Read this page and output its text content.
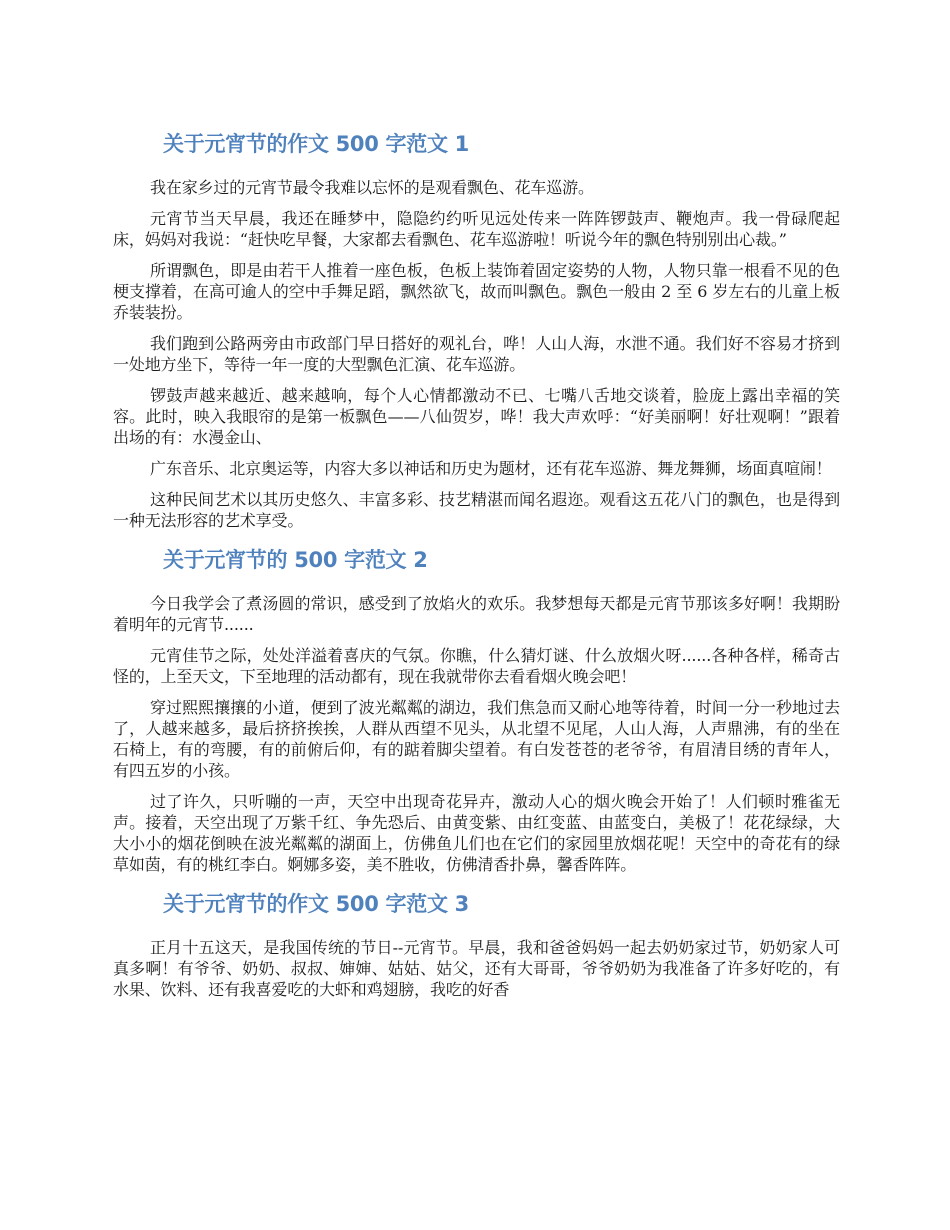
关于元宵节的作文 500 字范文 1

我在家乡过的元宵节最令我难以忘怀的是观看飘色、花车巡游。

元宵节当天早晨，我还在睡梦中，隐隐约约听见远处传来一阵阵锣鼓声、鞭炮声。我一骨碌爬起床，妈妈对我说：“赶快吃早餐，大家都去看飘色、花车巡游啦！听说今年的飘色特别别出心裁。”

所谓飘色，即是由若干人推着一座色板，色板上装饰着固定姿势的人物，人物只靠一根看不见的色梗支撑着，在高可逾人的空中手舞足蹈，飘然欲飞，故而叫飘色。飘色一般由 2 至 6 岁左右的儿童上板乔装装扮。

我们跑到公路两旁由市政部门早日搭好的观礼台，哗！人山人海，水泄不通。我们好不容易才挤到一处地方坐下，等待一年一度的大型飘色汇演、花车巡游。

锣鼓声越来越近、越来越响，每个人心情都激动不已、七嘴八舌地交谈着，脸庞上露出幸福的笑容。此时，映入我眼帘的是第一板飘色——八仙贺岁，哗！我大声欢呼：“好美丽啊！好壮观啊！”跟着出场的有：水漫金山、

广东音乐、北京奥运等，内容大多以神话和历史为题材，还有花车巡游、舞龙舞狮，场面真喧闹！

这种民间艺术以其历史悠久、丰富多彩、技艺精湛而闻名遐迩。观看这五花八门的飘色，也是得到一种无法形容的艺术享受。

关于元宵节的 500 字范文 2

今日我学会了煮汤圆的常识，感受到了放焰火的欢乐。我梦想每天都是元宵节那该多好啊！我期盼着明年的元宵节......

元宵佳节之际，处处洋溢着喜庆的气氛。你瞧，什么猜灯谜、什么放烟火呀......各种各样，稀奇古怪的，上至天文，下至地理的活动都有，现在我就带你去看看烟火晚会吧！

穿过熙熙攘攘的小道，便到了波光粼粼的湖边，我们焦急而又耐心地等待着，时间一分一秒地过去了，人越来越多，最后挤挤挨挨，人群从西望不见头，从北望不见尾，人山人海，人声鼎沸，有的坐在石椅上，有的弯腰，有的前俯后仰，有的踮着脚尖望着。有白发苍苍的老爷爷，有眉清目绣的青年人，有四五岁的小孩。

过了许久，只听嘣的一声，天空中出现奇花异卉，激动人心的烟火晚会开始了！人们顿时雅雀无声。接着，天空出现了万紫千红、争先恐后、由黄变紫、由红变蓝、由蓝变白，美极了！花花绿绿，大大小小的烟花倒映在波光粼粼的湖面上，仿佛鱼儿们也在它们的家园里放烟花呢！天空中的奇花有的绿草如茵，有的桃红李白。婀娜多姿，美不胜收，仿佛清香扑鼻，馨香阵阵。

关于元宵节的作文 500 字范文 3

正月十五这天，是我国传统的节日--元宵节。早晨，我和爸爸妈妈一起去奶奶家过节，奶奶家人可真多啊！有爷爷、奶奶、叔叔、婶婶、姑姑、姑父，还有大哥哥，爷爷奶奶为我准备了许多好吃的，有水果、饮料、还有我喜爱吃的大虾和鸡翅膀，我吃的好香
